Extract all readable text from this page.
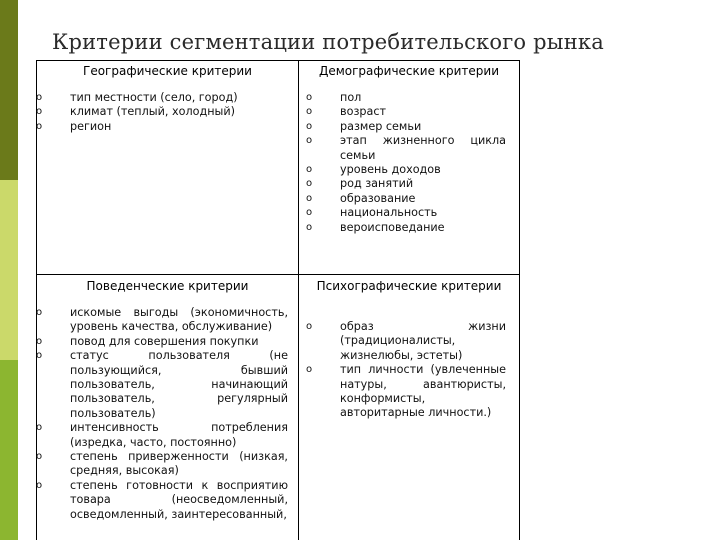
Критерии сегментации потребительского рынка
Географические критерии	Демографические критерии
Поведенческие критерии	Психографические критерии
o тип местности (село, город)
o климат (теплый, холодный)
o регион
o пол
o возраст
o размер семьи
o этап жизненного цикла семьи
o уровень доходов
o род занятий
o образование
o национальность
o вероисповедание
o искомые выгоды (экономичность, уровень качества, обслуживание)
o повод для совершения покупки
o статус пользователя (не пользующийся, бывший пользователь, начинающий пользователь, регулярный пользователь)
o интенсивность потребления (изредка, часто, постоянно)
o степень приверженности (низкая, средняя, высокая)
o степень готовности к восприятию товара (неосведомленный, осведомленный, заинтересованный,
o образ жизни (традиционалисты, жизнелюбы, эстеты)
o тип личности (увлеченные натуры, авантюристы, конформисты, авторитарные личности.)
